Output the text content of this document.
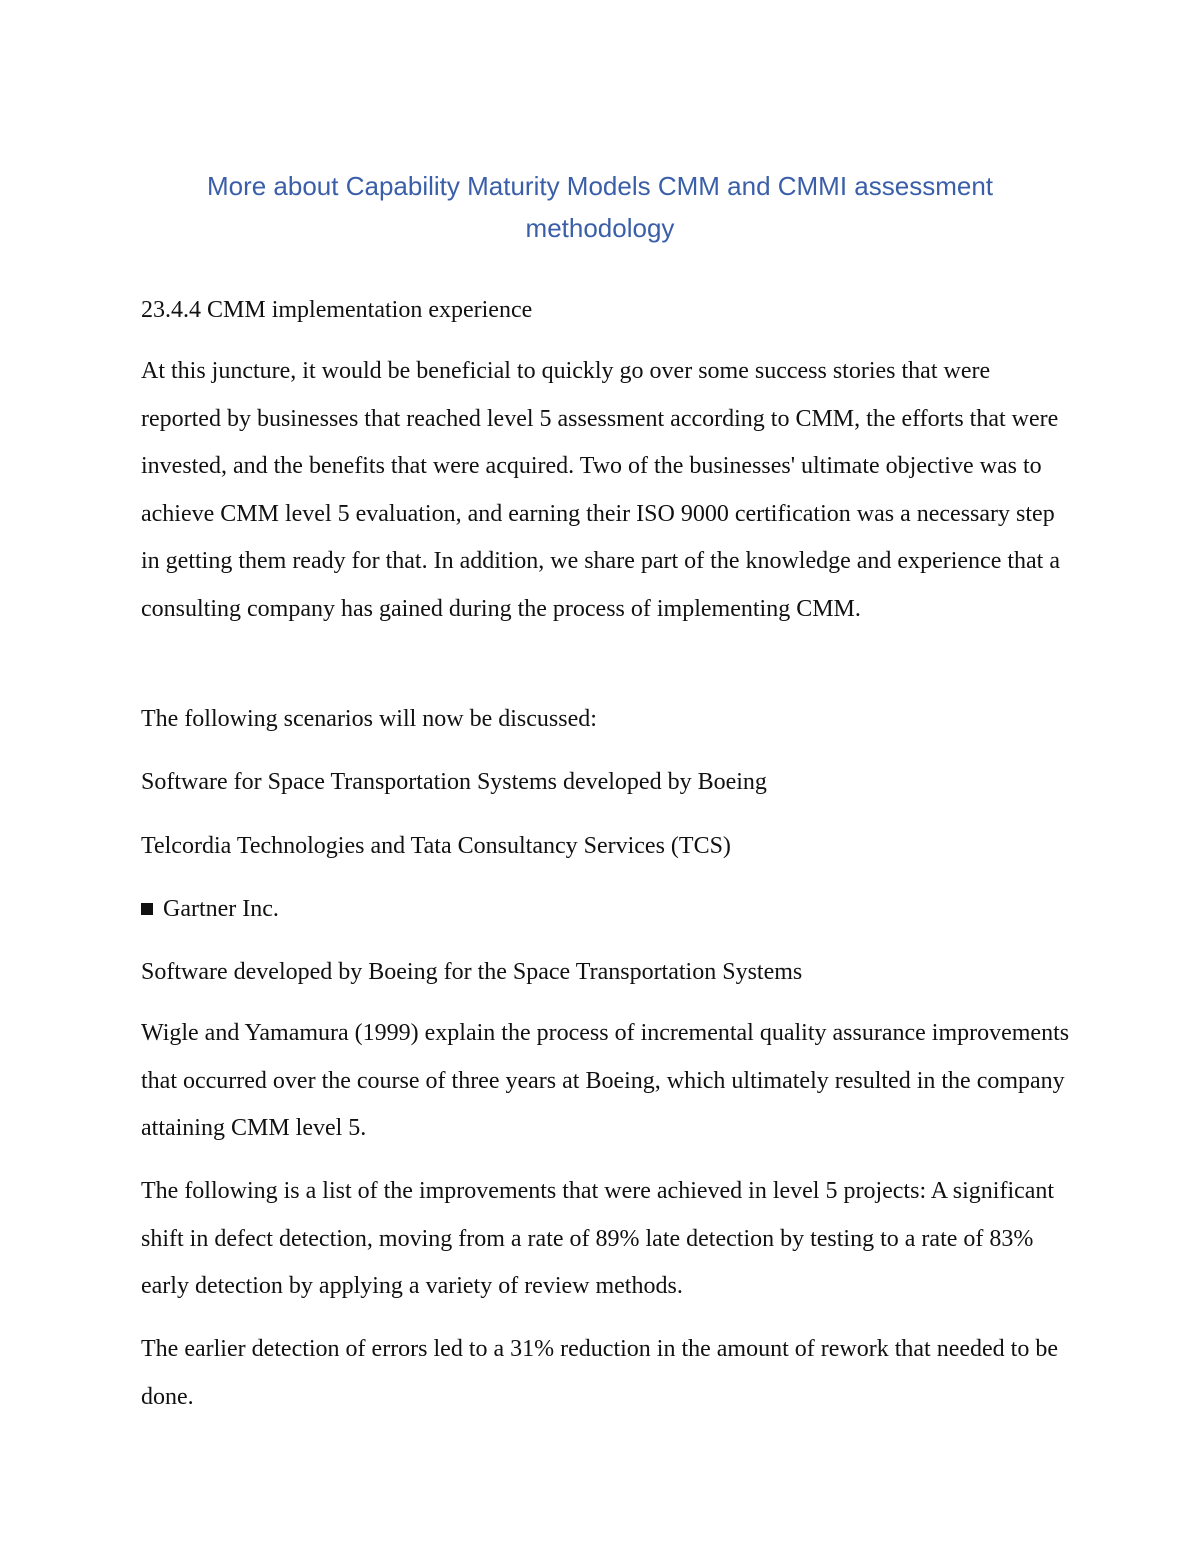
More about Capability Maturity Models CMM and CMMI assessment methodology

23.4.4 CMM implementation experience

At this juncture, it would be beneficial to quickly go over some success stories that were reported by businesses that reached level 5 assessment according to CMM, the efforts that were invested, and the benefits that were acquired. Two of the businesses' ultimate objective was to achieve CMM level 5 evaluation, and earning their ISO 9000 certification was a necessary step in getting them ready for that. In addition, we share part of the knowledge and experience that a consulting company has gained during the process of implementing CMM.

The following scenarios will now be discussed:

Software for Space Transportation Systems developed by Boeing

Telcordia Technologies and Tata Consultancy Services (TCS)

Gartner Inc.

Software developed by Boeing for the Space Transportation Systems

Wigle and Yamamura (1999) explain the process of incremental quality assurance improvements that occurred over the course of three years at Boeing, which ultimately resulted in the company attaining CMM level 5.

The following is a list of the improvements that were achieved in level 5 projects: A significant shift in defect detection, moving from a rate of 89% late detection by testing to a rate of 83% early detection by applying a variety of review methods.

The earlier detection of errors led to a 31% reduction in the amount of rework that needed to be done.
